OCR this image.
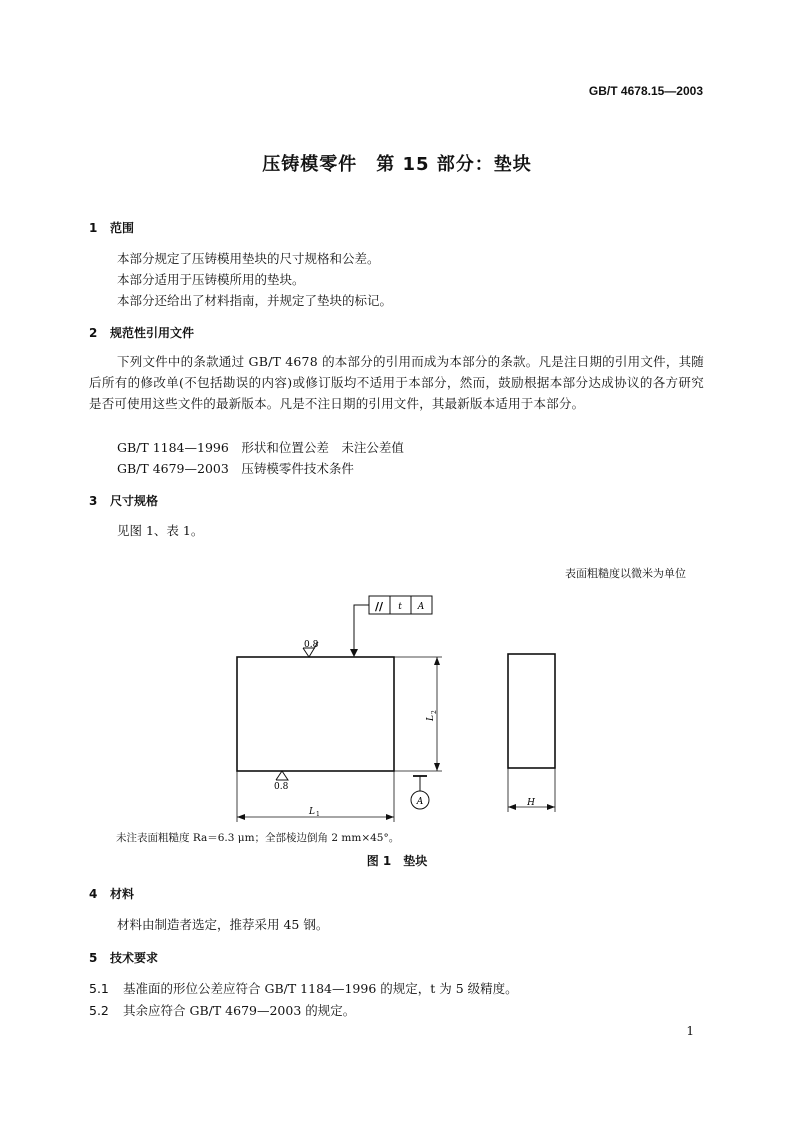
GB/T 4678.15—2003
压铸模零件　第 15 部分：垫块
1 范围
本部分规定了压铸模用垫块的尺寸规格和公差。
本部分适用于压铸模所用的垫块。
本部分还给出了材料指南，并规定了垫块的标记。
2 规范性引用文件
下列文件中的条款通过 GB/T 4678 的本部分的引用而成为本部分的条款。凡是注日期的引用文件，其随后所有的修改单(不包括勘误的内容)或修订版均不适用于本部分，然而，鼓励根据本部分达成协议的各方研究是否可使用这些文件的最新版本。凡是不注日期的引用文件，其最新版本适用于本部分。
GB/T 1184—1996　形状和位置公差　未注公差值
GB/T 4679—2003　压铸模零件技术条件
3 尺寸规格
见图 1、表 1。
表面粗糙度以微米为单位
// t A
0.8
0.8
L
2
L 1
A	H
未注表面粗糙度 Ra＝6.3 μm；全部棱边倒角 2 mm×45°。
图 1　垫块
4 材料
材料由制造者选定，推荐采用 45 钢。
5 技术要求
5.1 基准面的形位公差应符合 GB/T 1184—1996 的规定，t 为 5 级精度。
5.2 其余应符合 GB/T 4679—2003 的规定。
1
